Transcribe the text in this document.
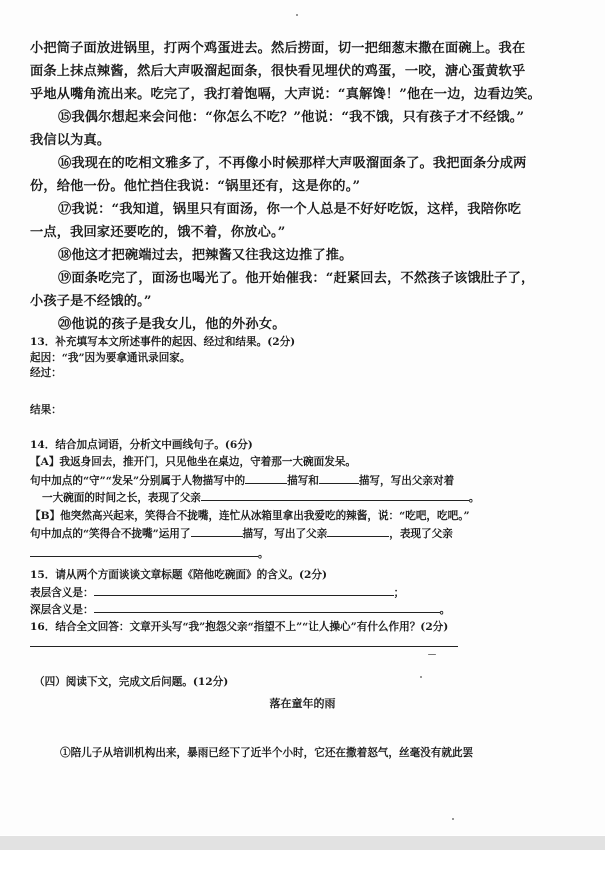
小把筒子面放进锅里，打两个鸡蛋进去。然后捞面，切一把细葱末撒在面碗上。我在
面条上抹点辣酱，然后大声吸溜起面条，很快看见埋伏的鸡蛋，一咬，溏心蛋黄软乎
乎地从嘴角流出来。吃完了，我打着饱嗝，大声说：“真解馋！”他在一边，边看边笑。
⑮我偶尔想起来会问他：“你怎么不吃？”他说：“我不饿，只有孩子才不经饿。”
我信以为真。
⑯我现在的吃相文雅多了，不再像小时候那样大声吸溜面条了。我把面条分成两
份，给他一份。他忙挡住我说：“锅里还有，这是你的。”
⑰我说：“我知道，锅里只有面汤，你一个人总是不好好吃饭，这样，我陪你吃
一点，我回家还要吃的，饿不着，你放心。”
⑱他这才把碗端过去，把辣酱又往我这边推了推。
⑲面条吃完了，面汤也喝光了。他开始催我：“赶紧回去，不然孩子该饿肚子了，
小孩子是不经饿的。”
⑳他说的孩子是我女儿，他的外孙女。
13．补充填写本文所述事件的起因、经过和结果。(2分)
起因：“我”因为要拿通讯录回家。
经过：
结果：
14．结合加点词语，分析文中画线句子。(6分)
【A】我返身回去，推开门，只见他坐在桌边，守着那一大碗面发呆。
句中加点的“守”“发呆”分别属于人物描写中的	描写和	描写，写出父亲对着
一大碗面的时间之长，表现了父亲	。
【B】他突然高兴起来，笑得合不拢嘴，连忙从冰箱里拿出我爱吃的辣酱，说：“吃吧，吃吧。”
句中加点的“笑得合不拢嘴”运用了	描写，写出了父亲	，表现了父亲
。
15．请从两个方面谈谈文章标题《陪他吃碗面》的含义。(2分)
表层含义是：	；
深层含义是：	。
16．结合全文回答：文章开头写“我”抱怨父亲“指望不上”“让人操心”有什么作用？(2分)
（四）阅读下文，完成文后问题。(12分)
落在童年的雨
①陪儿子从培训机构出来，暴雨已经下了近半个小时，它还在撒着怒气，丝毫没有就此罢
